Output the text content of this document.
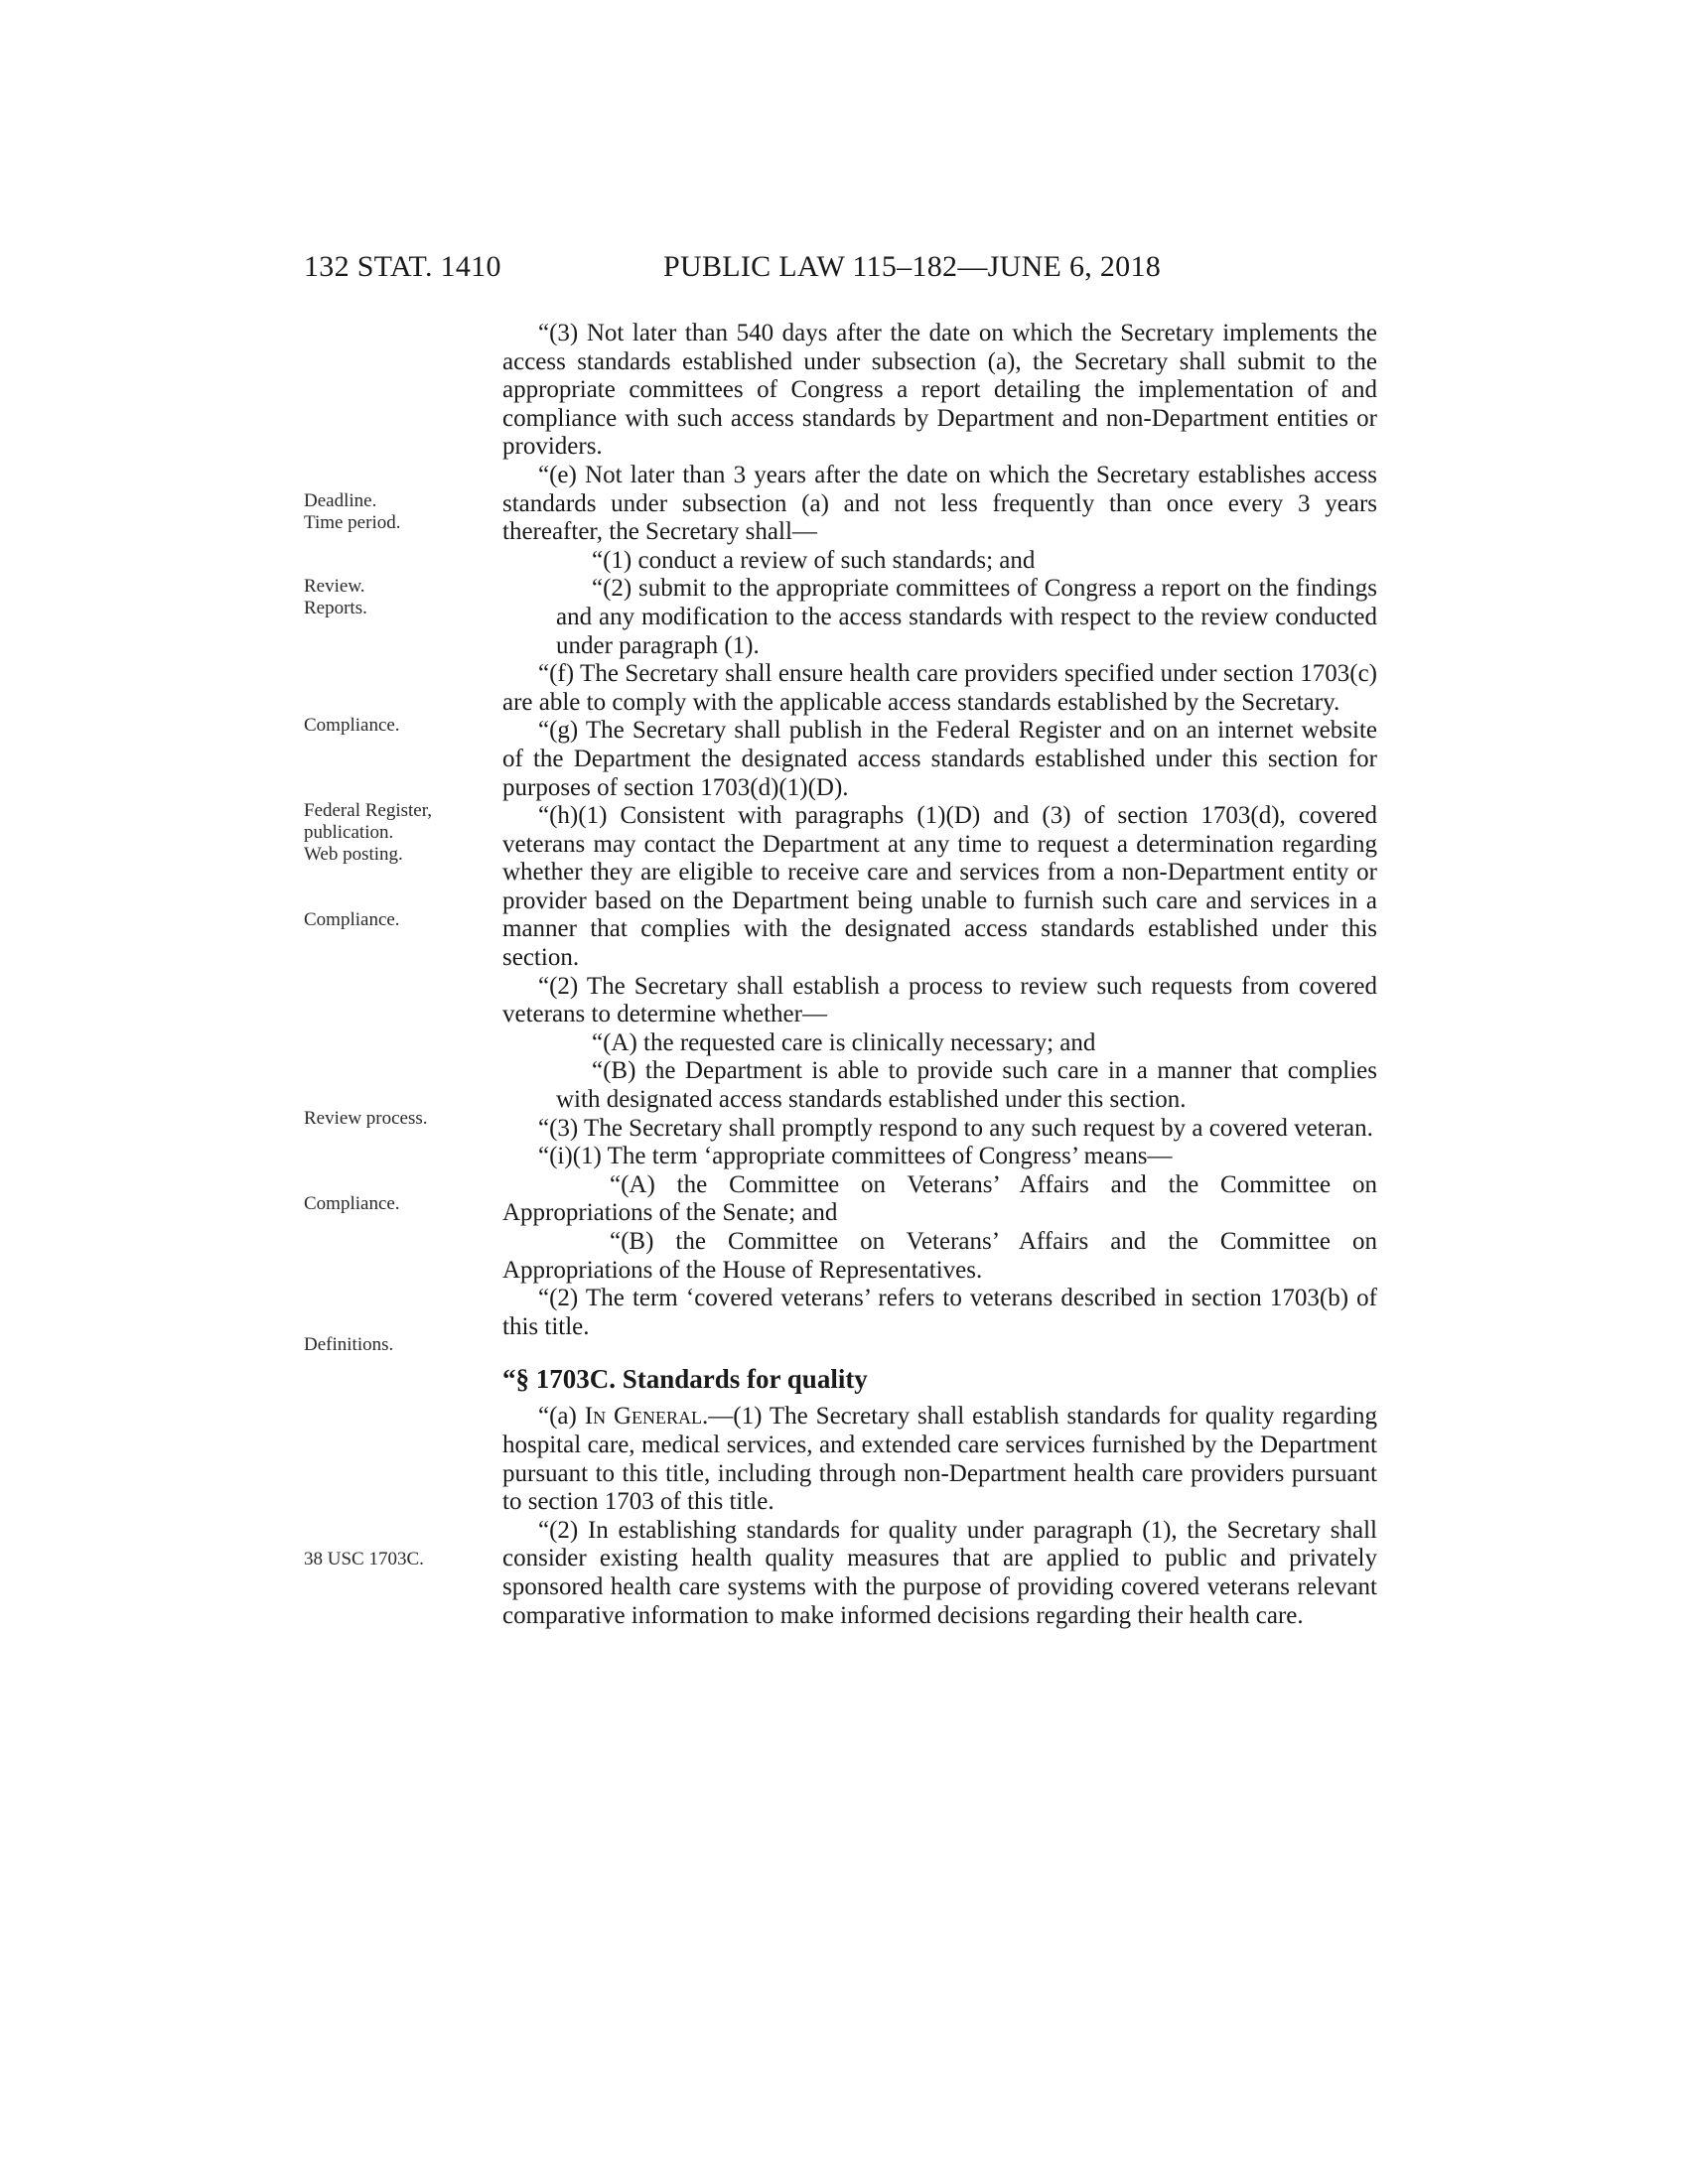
132 STAT. 1410	PUBLIC LAW 115–182—JUNE 6, 2018
Deadline.
Time period.
Review.
Reports.
Compliance.
Federal Register,
publication.
Web posting.
Compliance.
Review process.
Compliance.
Definitions.
38 USC 1703C.

“(3) Not later than 540 days after the date on which the Secretary implements the access standards established under subsection (a), the Secretary shall submit to the appropriate committees of Congress a report detailing the implementation of and compliance with such access standards by Department and non-Department entities or providers.

“(e) Not later than 3 years after the date on which the Secretary establishes access standards under subsection (a) and not less frequently than once every 3 years thereafter, the Secretary shall—

“(1) conduct a review of such standards; and

“(2) submit to the appropriate committees of Congress a report on the findings and any modification to the access standards with respect to the review conducted under paragraph (1).

“(f) The Secretary shall ensure health care providers specified under section 1703(c) are able to comply with the applicable access standards established by the Secretary.

“(g) The Secretary shall publish in the Federal Register and on an internet website of the Department the designated access standards established under this section for purposes of section 1703(d)(1)(D).

“(h)(1) Consistent with paragraphs (1)(D) and (3) of section 1703(d), covered veterans may contact the Department at any time to request a determination regarding whether they are eligible to receive care and services from a non-Department entity or provider based on the Department being unable to furnish such care and services in a manner that complies with the designated access standards established under this section.

“(2) The Secretary shall establish a process to review such requests from covered veterans to determine whether—

“(A) the requested care is clinically necessary; and

“(B) the Department is able to provide such care in a manner that complies with designated access standards established under this section.

“(3) The Secretary shall promptly respond to any such request by a covered veteran.

“(i)(1) The term ‘appropriate committees of Congress’ means—

“(A) the Committee on Veterans’ Affairs and the Committee on Appropriations of the Senate; and

“(B) the Committee on Veterans’ Affairs and the Committee on Appropriations of the House of Representatives.

“(2) The term ‘covered veterans’ refers to veterans described in section 1703(b) of this title.

“§ 1703C. Standards for quality

“(a) In General.—(1) The Secretary shall establish standards for quality regarding hospital care, medical services, and extended care services furnished by the Department pursuant to this title, including through non-Department health care providers pursuant to section 1703 of this title.

“(2) In establishing standards for quality under paragraph (1), the Secretary shall consider existing health quality measures that are applied to public and privately sponsored health care systems with the purpose of providing covered veterans relevant comparative information to make informed decisions regarding their health care.
